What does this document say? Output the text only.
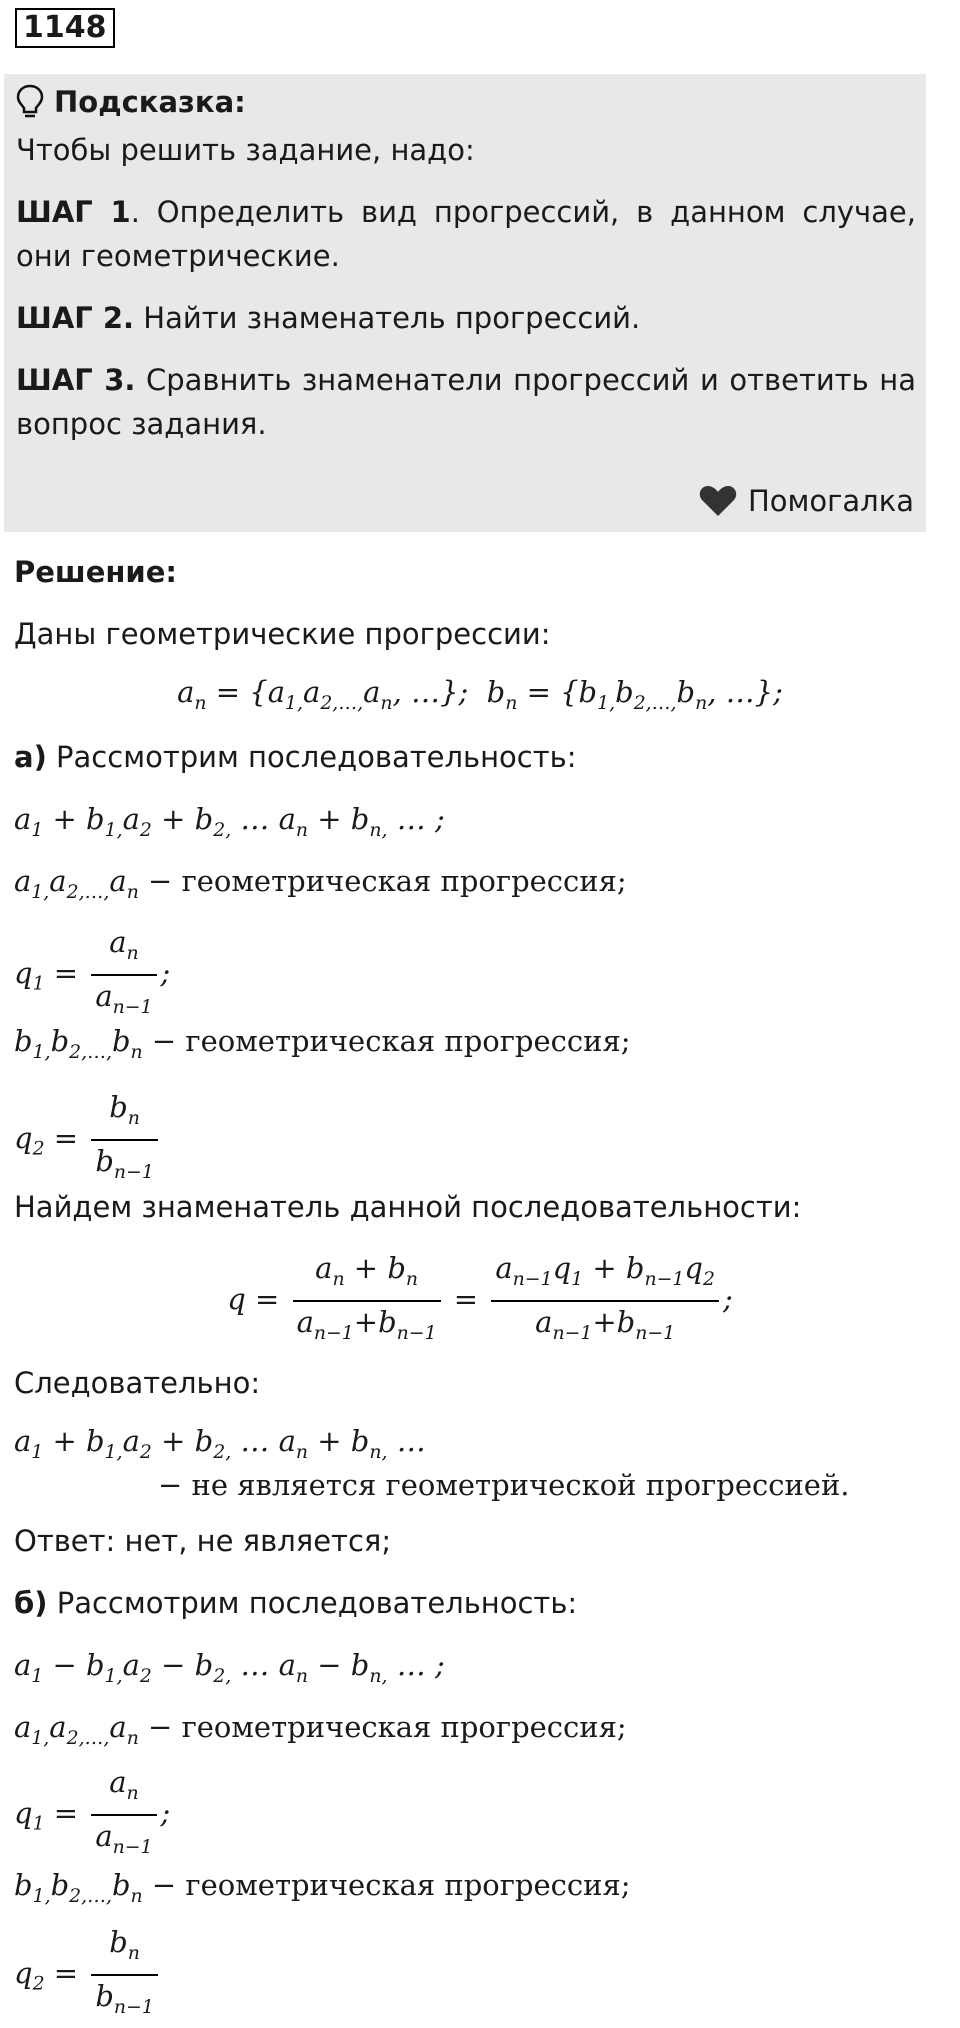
1148
Подсказка:

Чтобы решить задание, надо:

ШАГ 1. Определить вид прогрессий, в данном случае, они геометрические.

ШАГ 2. Найти знаменатель прогрессий.

ШАГ 3. Сравнить знаменатели прогрессий и ответить на вопрос задания.

Помогалка
Решение:
Даны геометрические прогрессии:
$a_n = \{a_{1,}a_{2,\dots,}a_n$, …};  $b_n = \{b_{1,}b_{2,\dots,}b_n$, …};
а) Рассмотрим последовательность:
$a_1 + b_{1,}a_2 + b_{2,}$ … $a_n + b_{n,}$ … ;
$a_{1,}a_{2,\dots,}a_n$ − геометрическая прогрессия;
$q_1 = \frac{a_n}{a_{n-1}}$ ;
$b_{1,}b_{2,\dots,}b_n$ − геометрическая прогрессия;
$q_2 = \frac{b_n}{b_{n-1}}$
Найдем знаменатель данной последовательности:
$q = \frac{a_n + b_n}{a_{n-1}+b_{n-1}} = \frac{a_{n-1}q_1 + b_{n-1}q_2}{a_{n-1}+b_{n-1}}$ ;
Следовательно:
$a_1 + b_{1,}a_2 + b_{2,}$ … $a_n + b_{n,}$ …
− не является геометрической прогрессией.
Ответ: нет, не является;
б) Рассмотрим последовательность:
$a_1 - b_{1,}a_2 - b_{2,}$ … $a_n - b_{n,}$ … ;
$a_{1,}a_{2,\dots,}a_n$ − геометрическая прогрессия;
$q_1 = \frac{a_n}{a_{n-1}}$ ;
$b_{1,}b_{2,\dots,}b_n$ − геометрическая прогрессия;
$q_2 = \frac{b_n}{b_{n-1}}$
